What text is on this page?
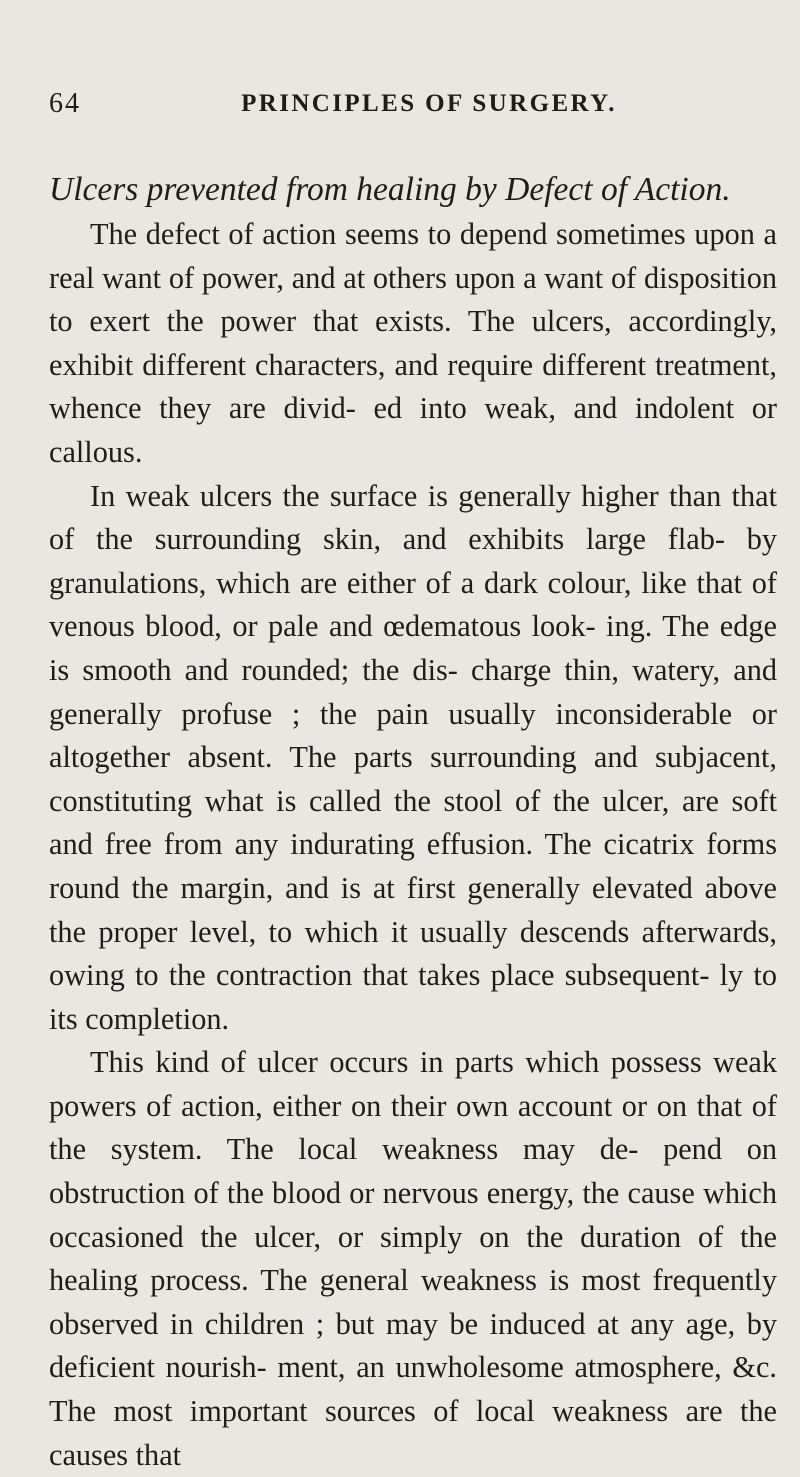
64	PRINCIPLES OF SURGERY.
Ulcers prevented from healing by Defect of Action.

The defect of action seems to depend sometimes upon a real want of power, and at others upon a want of disposition to exert the power that exists. The ulcers, accordingly, exhibit different characters, and require different treatment, whence they are divid- ed into weak, and indolent or callous.

In weak ulcers the surface is generally higher than that of the surrounding skin, and exhibits large flab- by granulations, which are either of a dark colour, like that of venous blood, or pale and œdematous look- ing. The edge is smooth and rounded; the dis- charge thin, watery, and generally profuse ; the pain usually inconsiderable or altogether absent. The parts surrounding and subjacent, constituting what is called the stool of the ulcer, are soft and free from any indurating effusion. The cicatrix forms round the margin, and is at first generally elevated above the proper level, to which it usually descends afterwards, owing to the contraction that takes place subsequent- ly to its completion.

This kind of ulcer occurs in parts which possess weak powers of action, either on their own account or on that of the system. The local weakness may de- pend on obstruction of the blood or nervous energy, the cause which occasioned the ulcer, or simply on the duration of the healing process. The general weakness is most frequently observed in children ; but may be induced at any age, by deficient nourish- ment, an unwholesome atmosphere, &c. The most important sources of local weakness are the causes that
